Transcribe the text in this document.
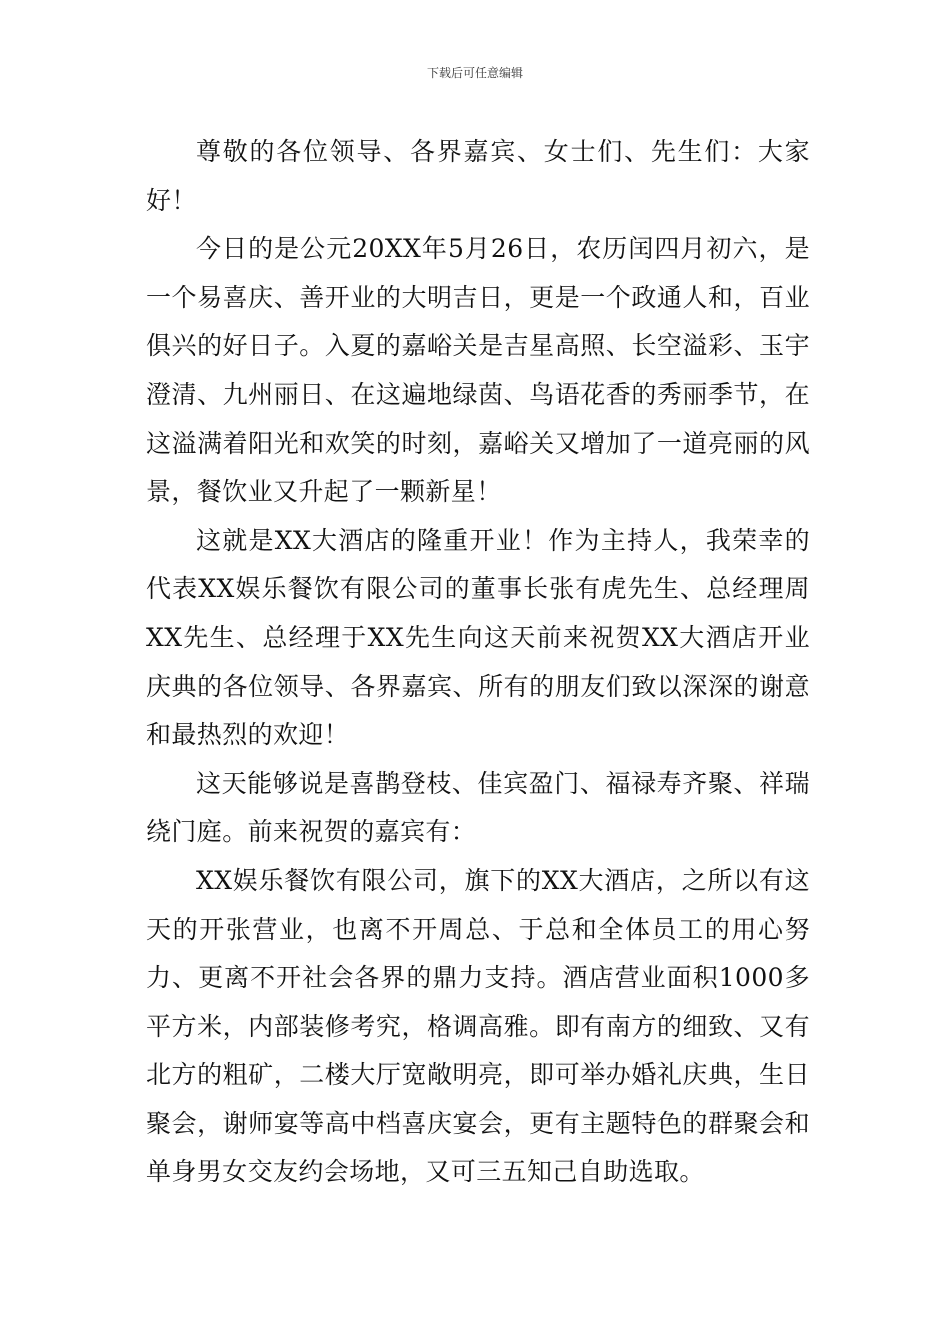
下载后可任意编辑

尊敬的各位领导、各界嘉宾、女士们、先生们：大家好！

今日的是公元20XX年5月26日，农历闰四月初六，是一个易喜庆、善开业的大明吉日，更是一个政通人和，百业俱兴的好日子。入夏的嘉峪关是吉星高照、长空溢彩、玉宇澄清、九州丽日、在这遍地绿茵、鸟语花香的秀丽季节，在这溢满着阳光和欢笑的时刻，嘉峪关又增加了一道亮丽的风景，餐饮业又升起了一颗新星！

这就是XX大酒店的隆重开业！作为主持人，我荣幸的代表XX娱乐餐饮有限公司的董事长张有虎先生、总经理周XX先生、总经理于XX先生向这天前来祝贺XX大酒店开业庆典的各位领导、各界嘉宾、所有的朋友们致以深深的谢意和最热烈的欢迎！

这天能够说是喜鹊登枝、佳宾盈门、福禄寿齐聚、祥瑞绕门庭。前来祝贺的嘉宾有：

XX娱乐餐饮有限公司，旗下的XX大酒店，之所以有这天的开张营业，也离不开周总、于总和全体员工的用心努力、更离不开社会各界的鼎力支持。酒店营业面积1000多平方米，内部装修考究，格调高雅。即有南方的细致、又有北方的粗矿，二楼大厅宽敞明亮，即可举办婚礼庆典，生日聚会，谢师宴等高中档喜庆宴会，更有主题特色的群聚会和单身男女交友约会场地，又可三五知己自助选取。
